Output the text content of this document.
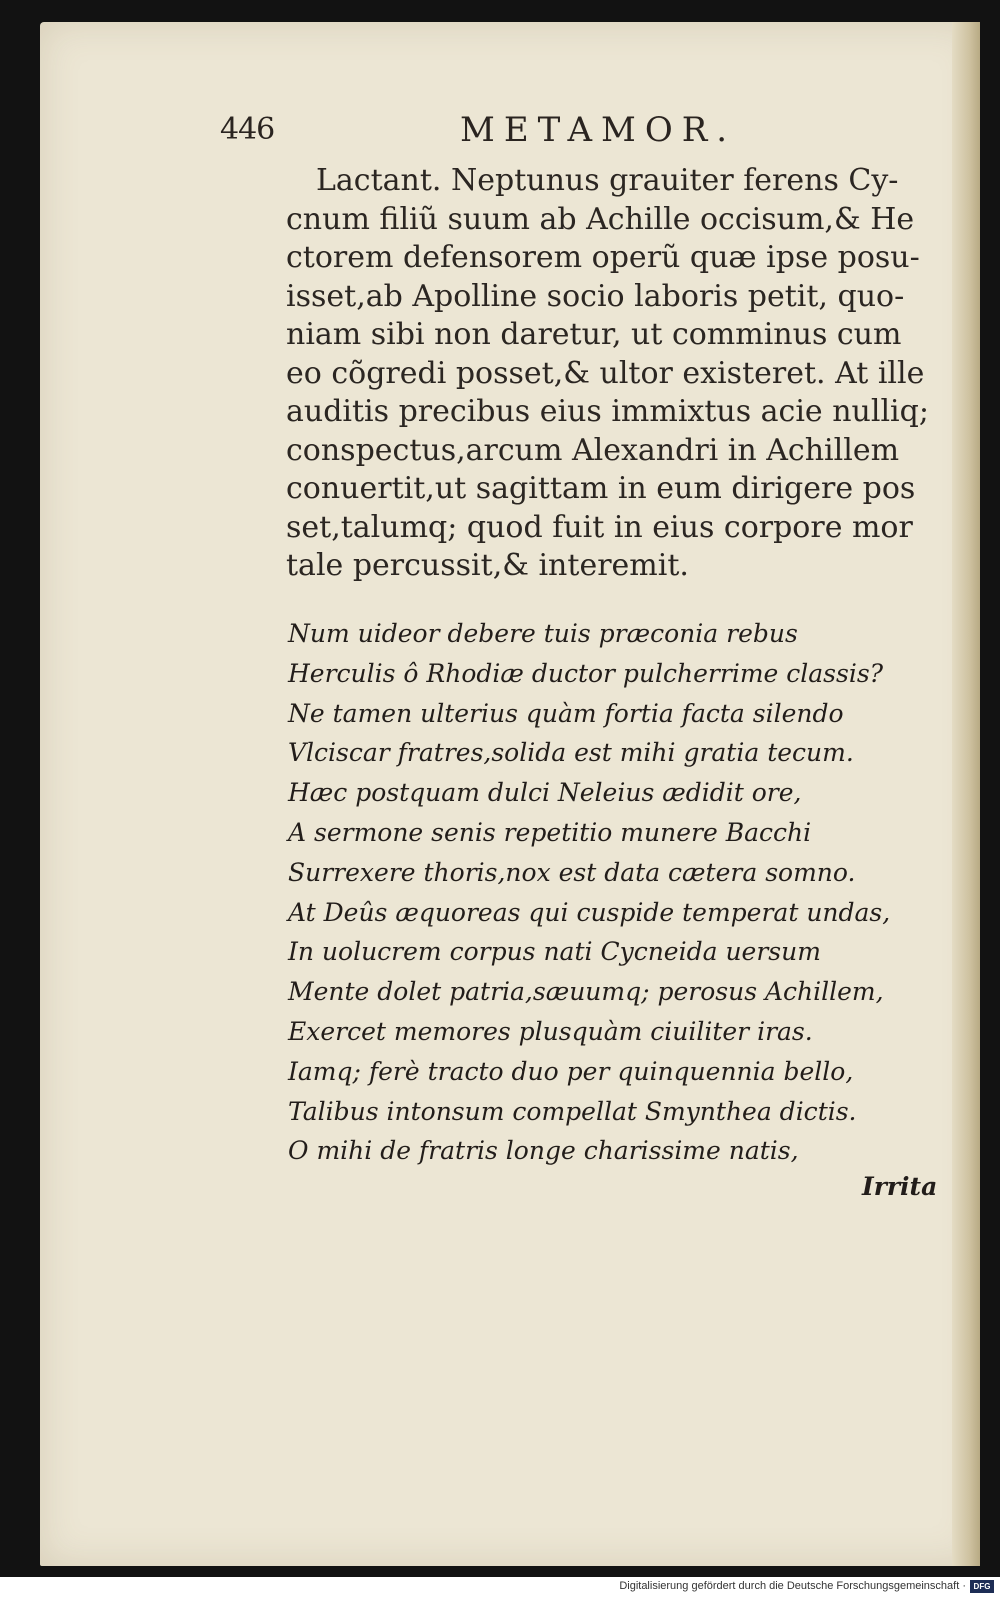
446	METAMOR.
Lactant. Neptunus grauiter ferens Cy-
cnum filiũ suum ab Achille occisum,& He
ctorem defensorem operũ quæ ipse posu-
isset,ab Apolline socio laboris petit, quo-
niam sibi non daretur, ut comminus cum
eo cõgredi posset,& ultor existeret. At ille
auditis precibus eius immixtus acie nulliq;
conspectus,arcum Alexandri in Achillem
conuertit,ut sagittam in eum dirigere pos
set,talumq; quod fuit in eius corpore mor
tale percussit,& interemit.
Num uideor debere tuis præconia rebus
Herculis ô Rhodiæ ductor pulcherrime classis?
Ne tamen ulterius quàm fortia facta silendo
Vlciscar fratres,solida est mihi gratia tecum.
Hæc postquam dulci Neleius ædidit ore,
A sermone senis repetitio munere Bacchi
Surrexere thoris,nox est data cætera somno.
At Deûs æquoreas qui cuspide temperat undas,
In uolucrem corpus nati Cycneida uersum
Mente dolet patria,sæuumq; perosus Achillem,
Exercet memores plusquàm ciuiliter iras.
Iamq; ferè tracto duo per quinquennia bello,
Talibus intonsum compellat Smynthea dictis.
O mihi de fratris longe charissime natis,
Irrita
Digitalisierung gefördert durch die Deutsche Forschungsgemeinschaft · DFG
